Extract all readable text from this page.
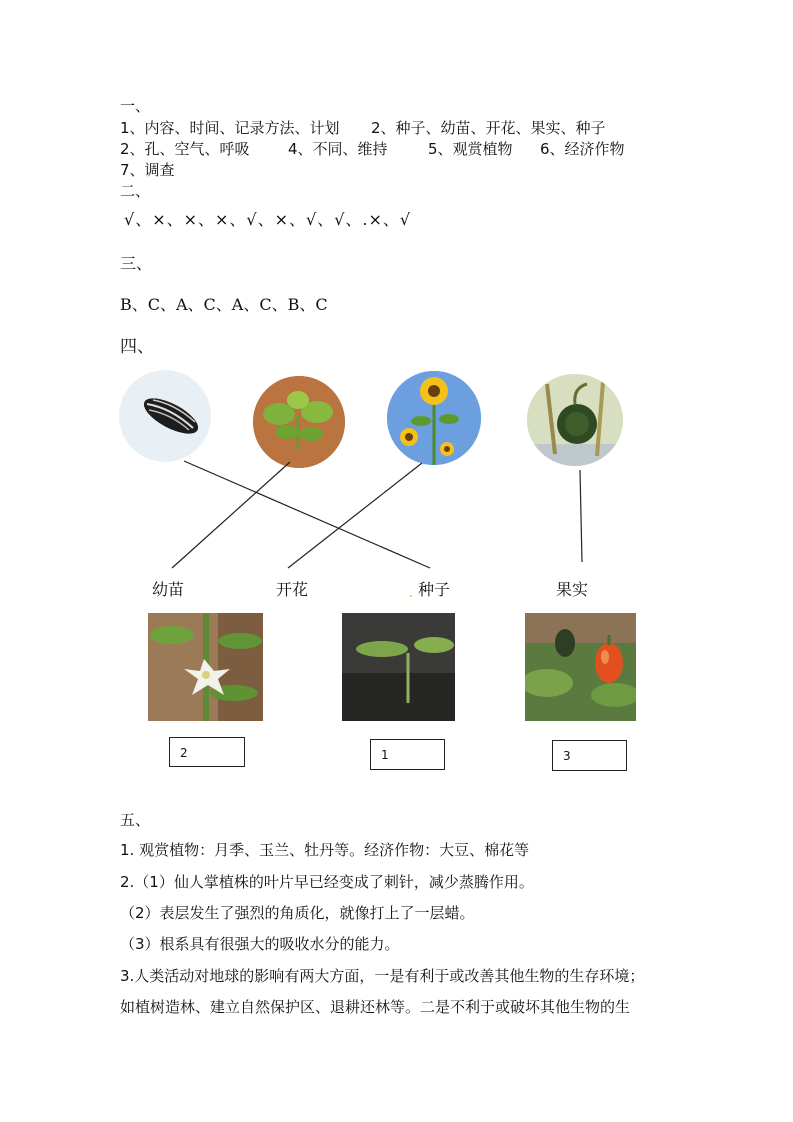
一、
1、内容、时间、记录方法、计划 2、种子、幼苗、开花、果实、种子
2、孔、空气、呼吸	4、不同、维持	5、观赏植物 6、经济作物
7、调查
二、
√、×、×、×、√、×、√、√、.×、√
三、
B、C、A、C、A、C、B、C
四、
幼苗	开花	. 种子	果实
2	1	3
五、
1. 观赏植物：月季、玉兰、牡丹等。经济作物：大豆、棉花等
2.（1）仙人掌植株的叶片早已经变成了刺针，减少蒸腾作用。
（2）表层发生了强烈的角质化，就像打上了一层蜡。
（3）根系具有很强大的吸收水分的能力。
3.人类活动对地球的影响有两大方面，一是有利于或改善其他生物的生存环境；
如植树造林、建立自然保护区、退耕还林等。二是不利于或破坏其他生物的生
